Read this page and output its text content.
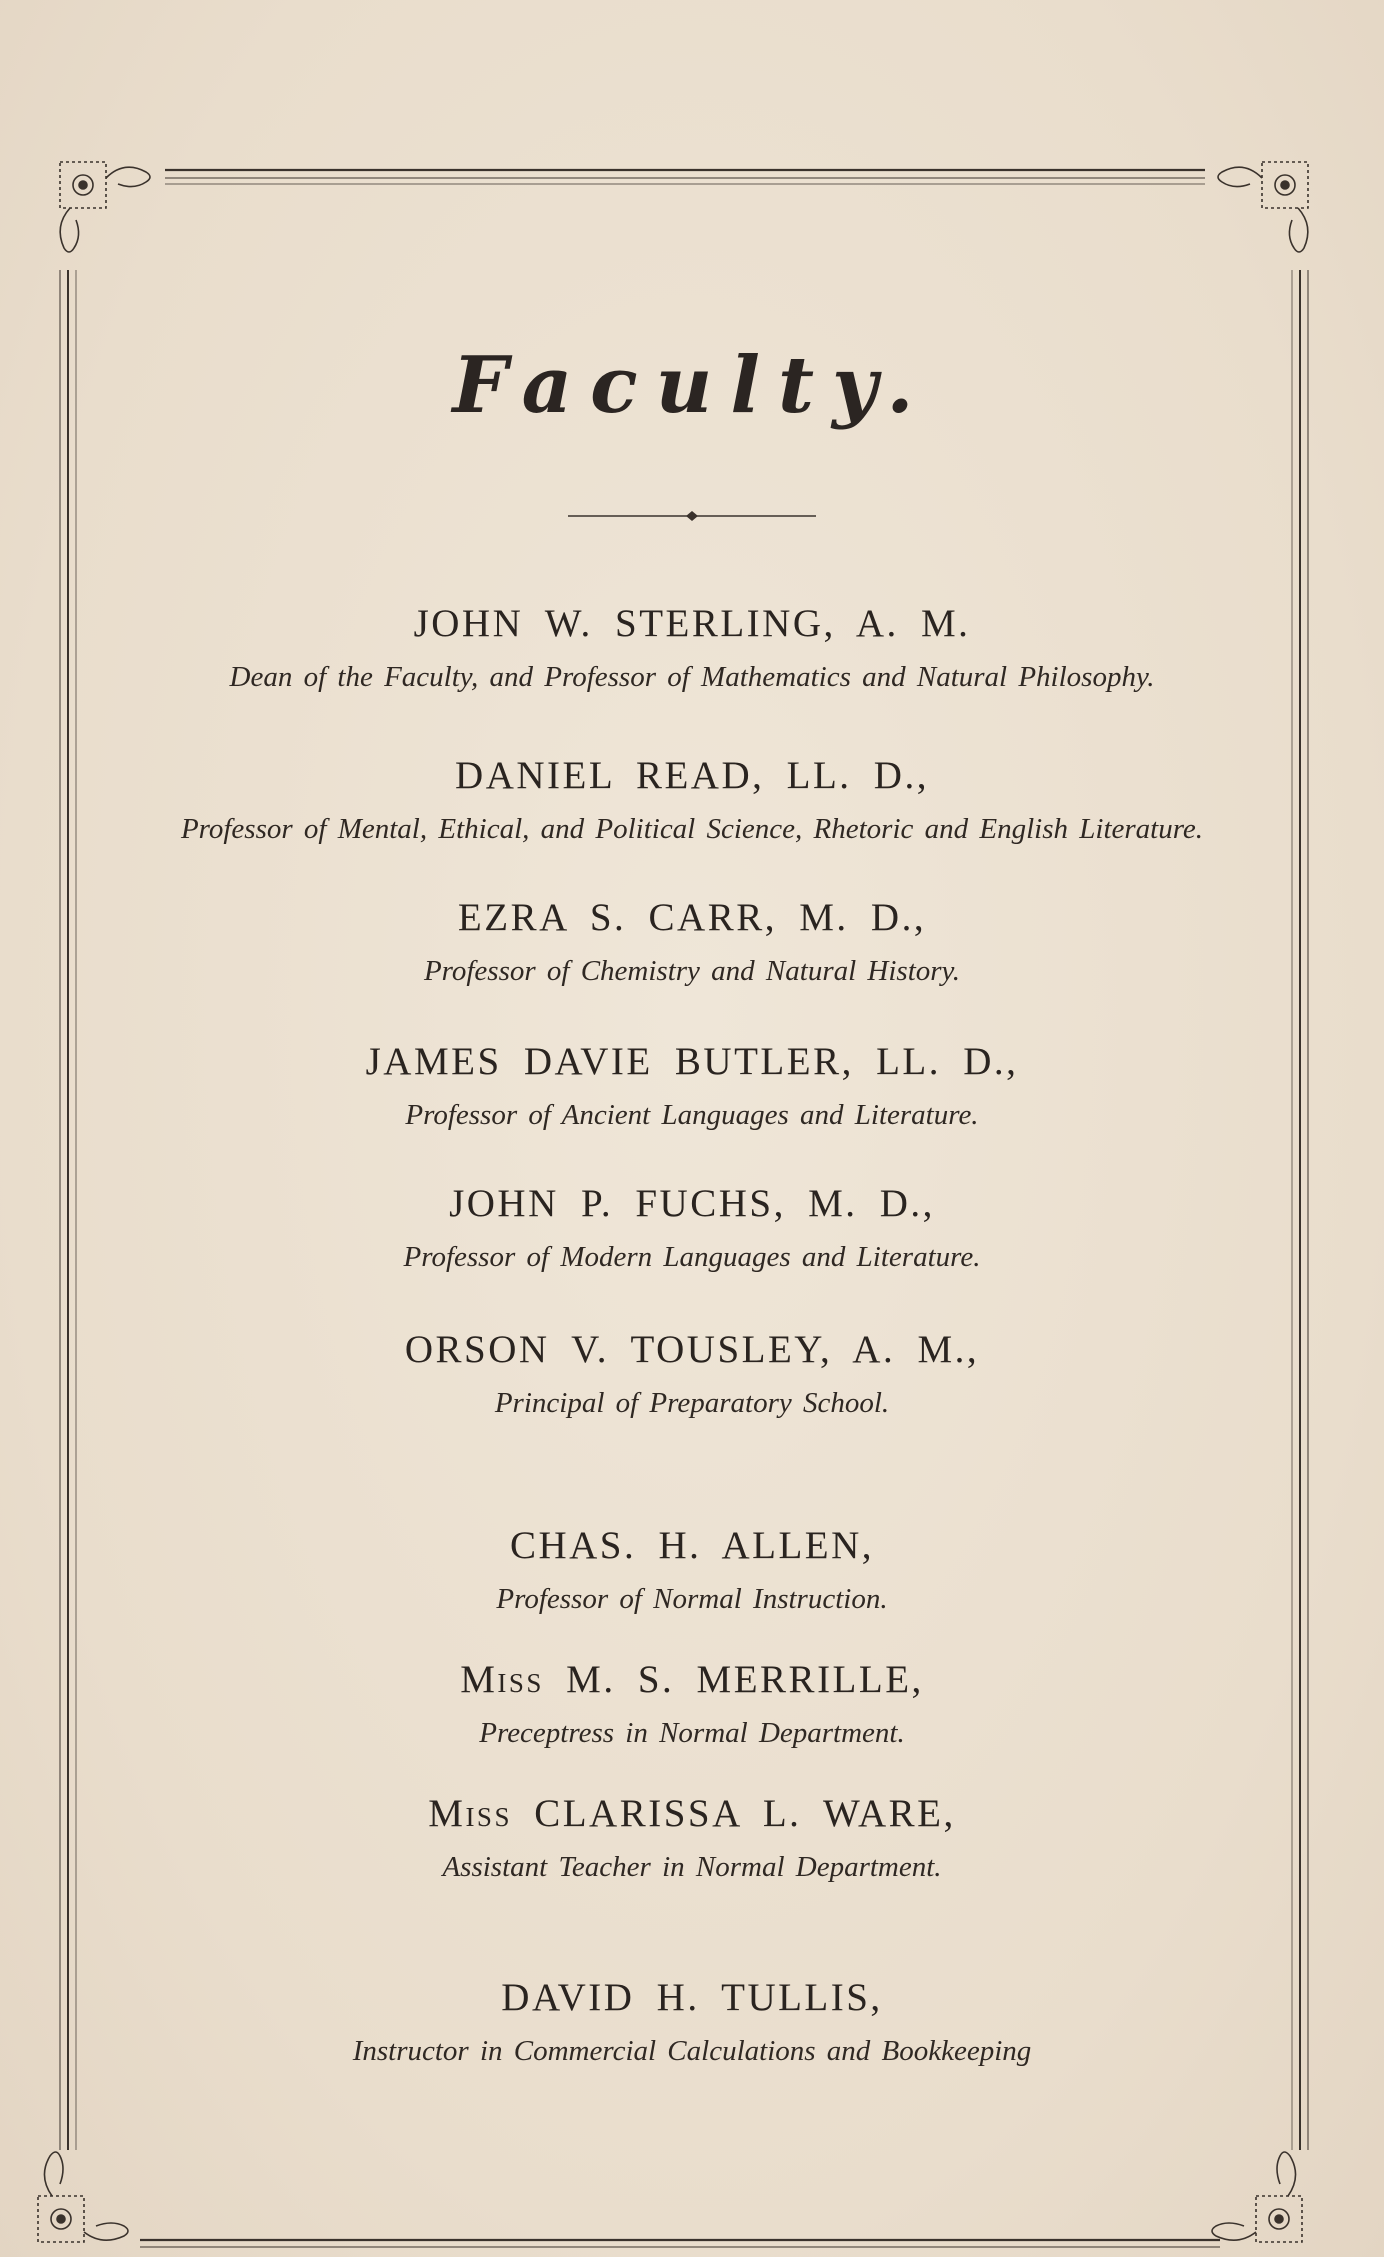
Faculty.
JOHN W. STERLING, A. M.
Dean of the Faculty, and Professor of Mathematics and Natural Philosophy.
DANIEL READ, LL. D.,
Professor of Mental, Ethical, and Political Science, Rhetoric and English Literature.
EZRA S. CARR, M. D.,
Professor of Chemistry and Natural History.
JAMES DAVIE BUTLER, LL. D.,
Professor of Ancient Languages and Literature.
JOHN P. FUCHS, M. D.,
Professor of Modern Languages and Literature.
ORSON V. TOUSLEY, A. M.,
Principal of Preparatory School.
CHAS. H. ALLEN,
Professor of Normal Instruction.
Miss M. S. MERRILLE,
Preceptress in Normal Department.
Miss CLARISSA L. WARE,
Assistant Teacher in Normal Department.
DAVID H. TULLIS,
Instructor in Commercial Calculations and Bookkeeping
